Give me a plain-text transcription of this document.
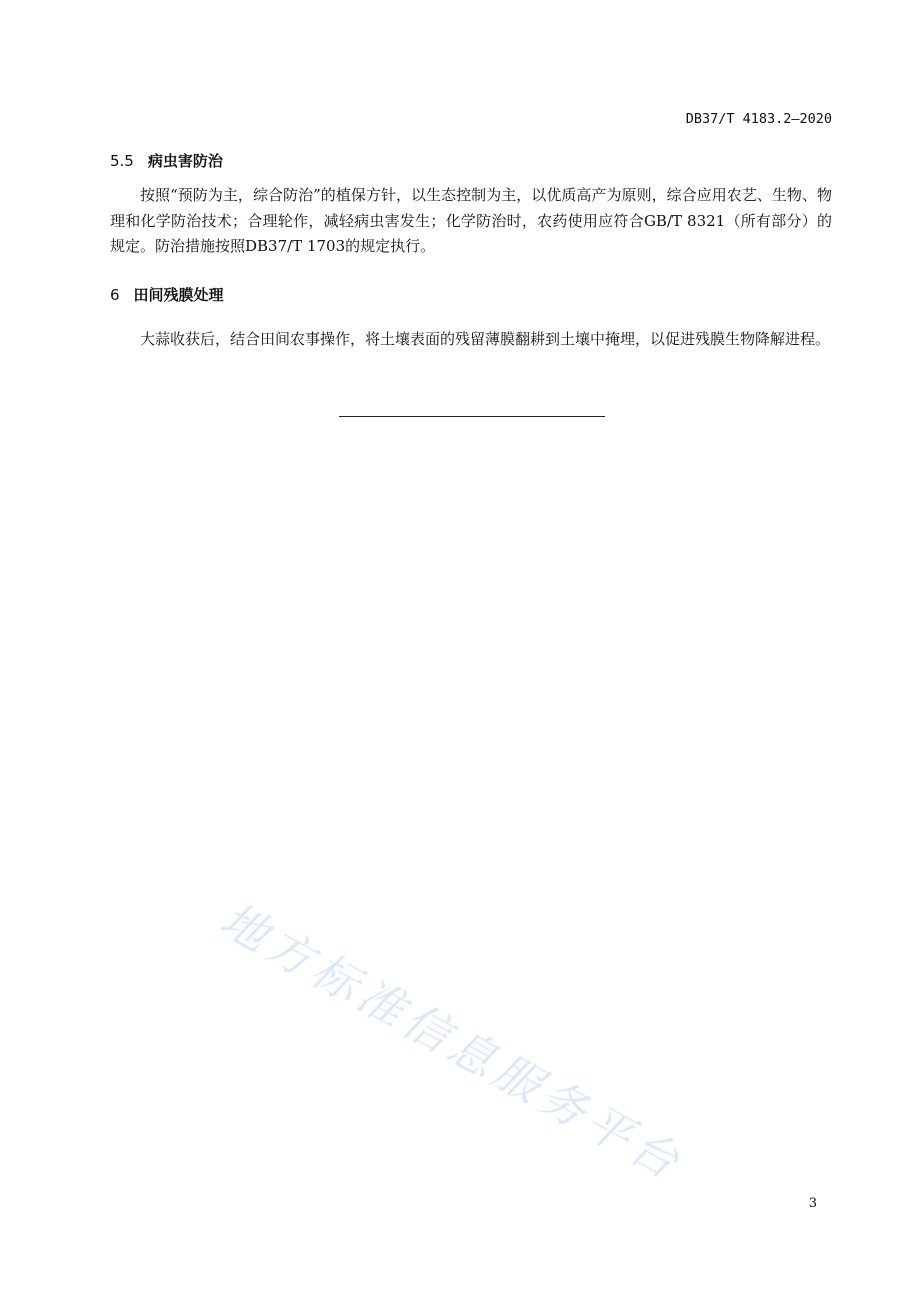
DB37/T 4183.2—2020
5.5 病虫害防治
按照“预防为主，综合防治”的植保方针，以生态控制为主，以优质高产为原则，综合应用农艺、生物、物理和化学防治技术；合理轮作，减轻病虫害发生；化学防治时，农药使用应符合GB/T 8321（所有部分）的规定。防治措施按照DB37/T 1703的规定执行。
6 田间残膜处理
大蒜收获后，结合田间农事操作，将土壤表面的残留薄膜翻耕到土壤中掩埋，以促进残膜生物降解进程。
地方标准信息服务平台
3
